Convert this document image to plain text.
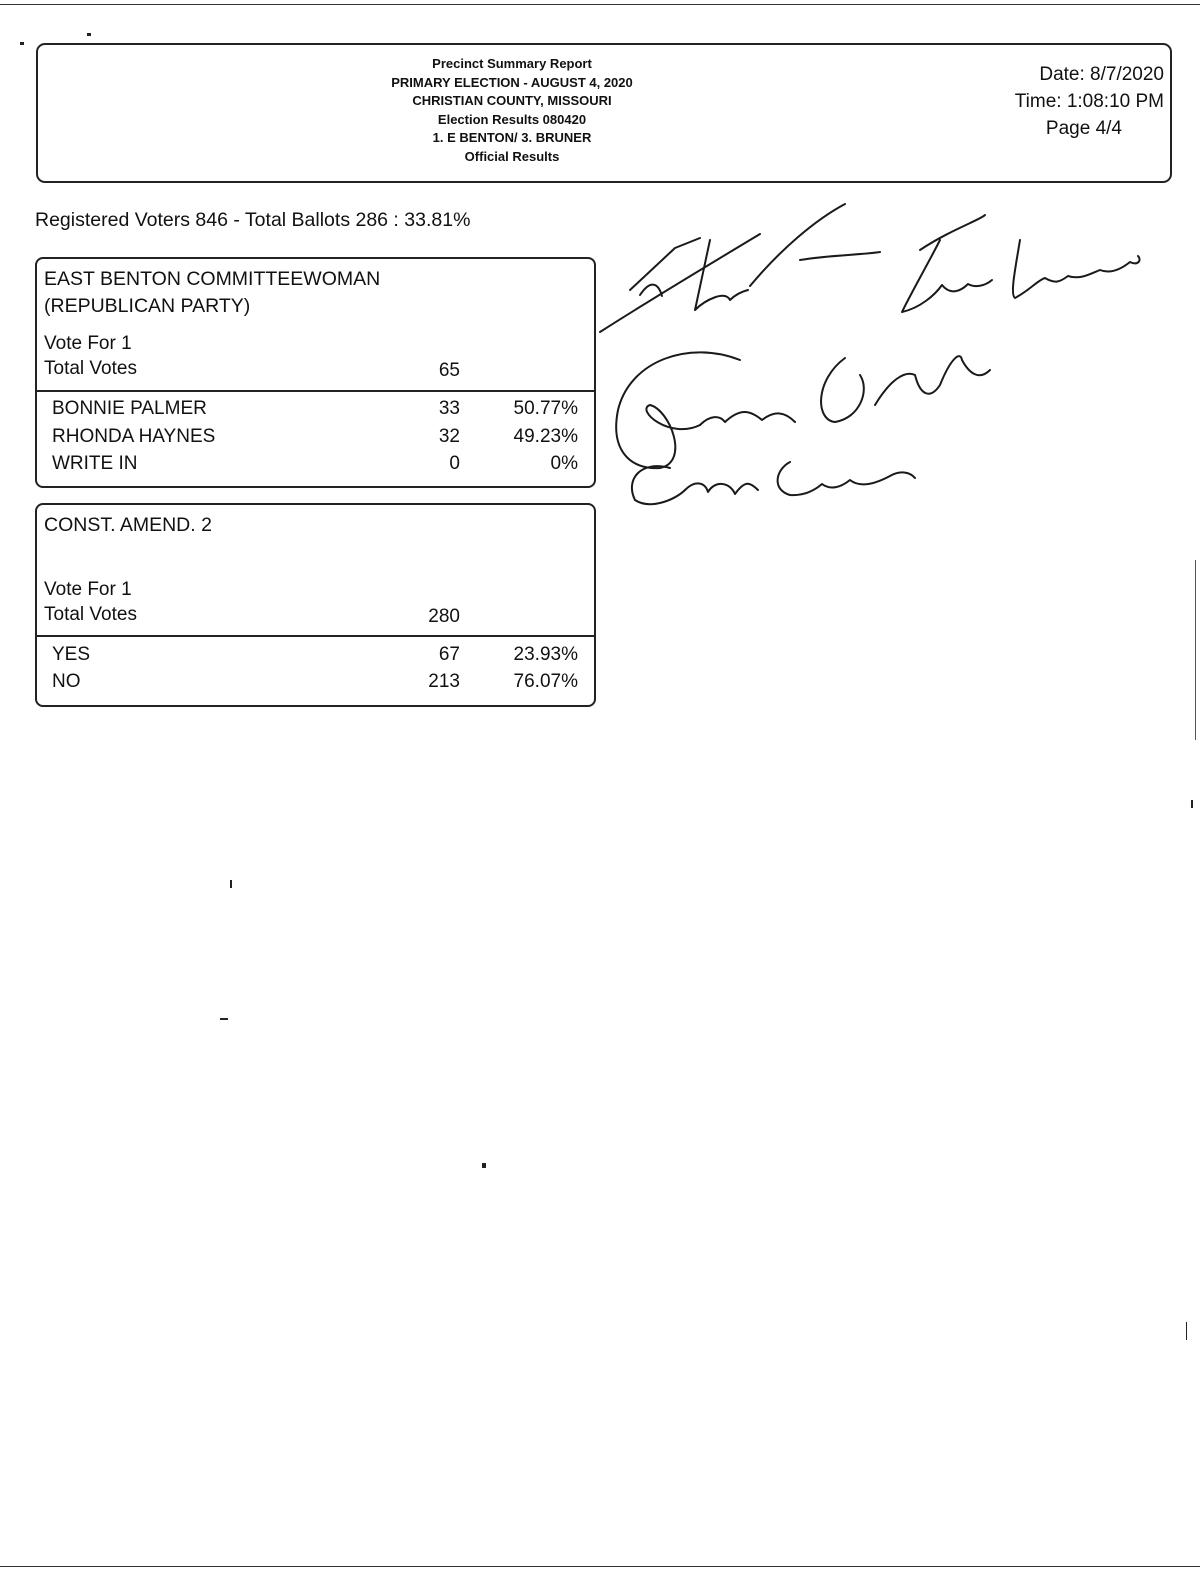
Precinct Summary Report
PRIMARY ELECTION - AUGUST 4, 2020
CHRISTIAN COUNTY, MISSOURI
Election Results 080420
1. E BENTON/ 3. BRUNER
Official Results
Date: 8/7/2020
Time: 1:08:10 PM
Page 4/4
Registered Voters 846 - Total Ballots 286 : 33.81%
EAST BENTON COMMITTEEWOMAN
(REPUBLICAN PARTY)
Vote For 1
Total Votes	65
BONNIE PALMER	33	50.77%
RHONDA HAYNES	32	49.23%
WRITE IN	0	0%
CONST. AMEND. 2
Vote For 1
Total Votes	280
YES	67	23.93%
NO	213	76.07%
